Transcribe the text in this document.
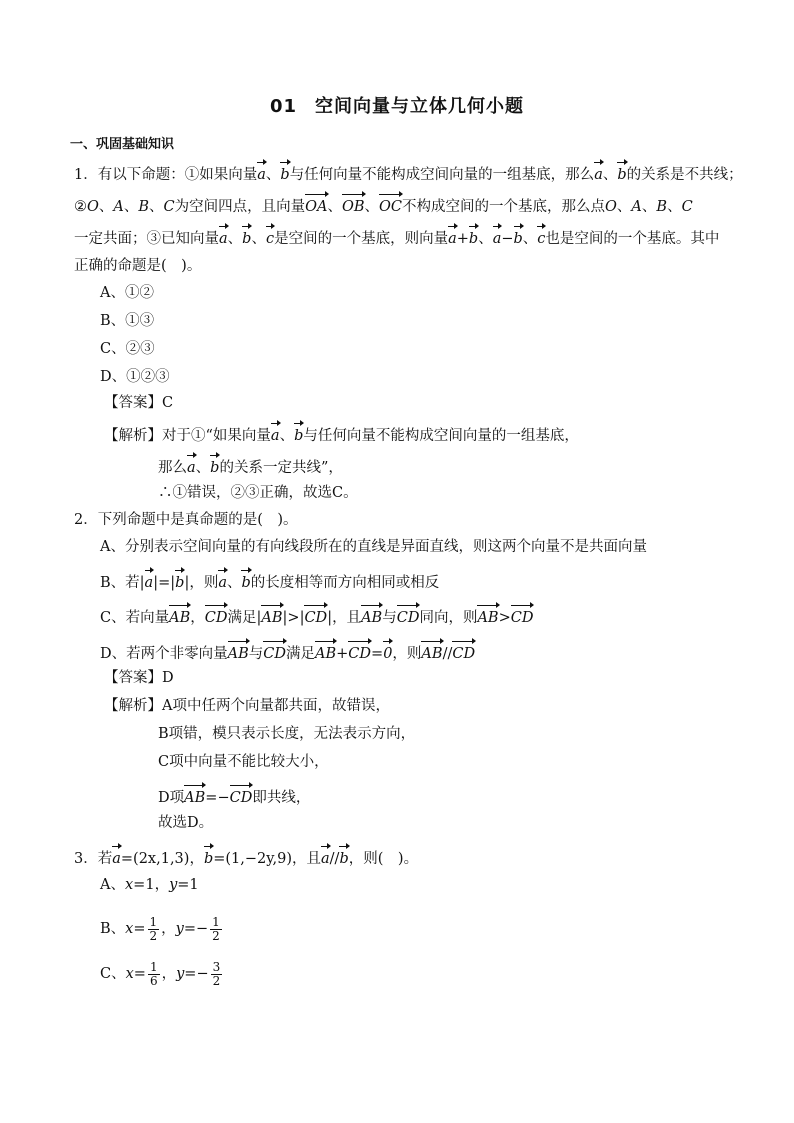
01 空间向量与立体几何小题
一、巩固基础知识
1．有以下命题：①如果向量a、b与任何向量不能构成空间向量的一组基底，那么a、b的关系是不共线；
②O、A、B、C为空间四点，且向量OA、OB、OC不构成空间的一个基底，那么点O、A、B、C
一定共面；③已知向量a、b、c是空间的一个基底，则向量a+b、a−b、c也是空间的一个基底。其中
正确的命题是(　)。
A、①②
B、①③
C、②③
D、①②③
【答案】C
【解析】对于①“如果向量a、b与任何向量不能构成空间向量的一组基底，
那么a、b的关系一定共线”，
∴①错误，②③正确，故选C。
2．下列命题中是真命题的是(　)。
A、分别表示空间向量的有向线段所在的直线是异面直线，则这两个向量不是共面向量
B、若|a|=|b|，则a、b的长度相等而方向相同或相反
C、若向量AB，CD满足|AB|>|CD|，且AB与CD同向，则AB>CD
D、若两个非零向量AB与CD满足AB+CD=0，则AB//CD
【答案】D
【解析】A项中任两个向量都共面，故错误，
B项错，模只表示长度，无法表示方向，
C项中向量不能比较大小，
D项AB=−CD即共线，
故选D。
3．若a=(2x,1,3)，b=(1,−2y,9)，且a//b，则(　)。
A、x=1，y=1
B、$x= \frac{1}{2}$ ，$y=- \frac{1}{2}$
C、$x= \frac{1}{6}$ ，$y=- \frac{3}{2}$
